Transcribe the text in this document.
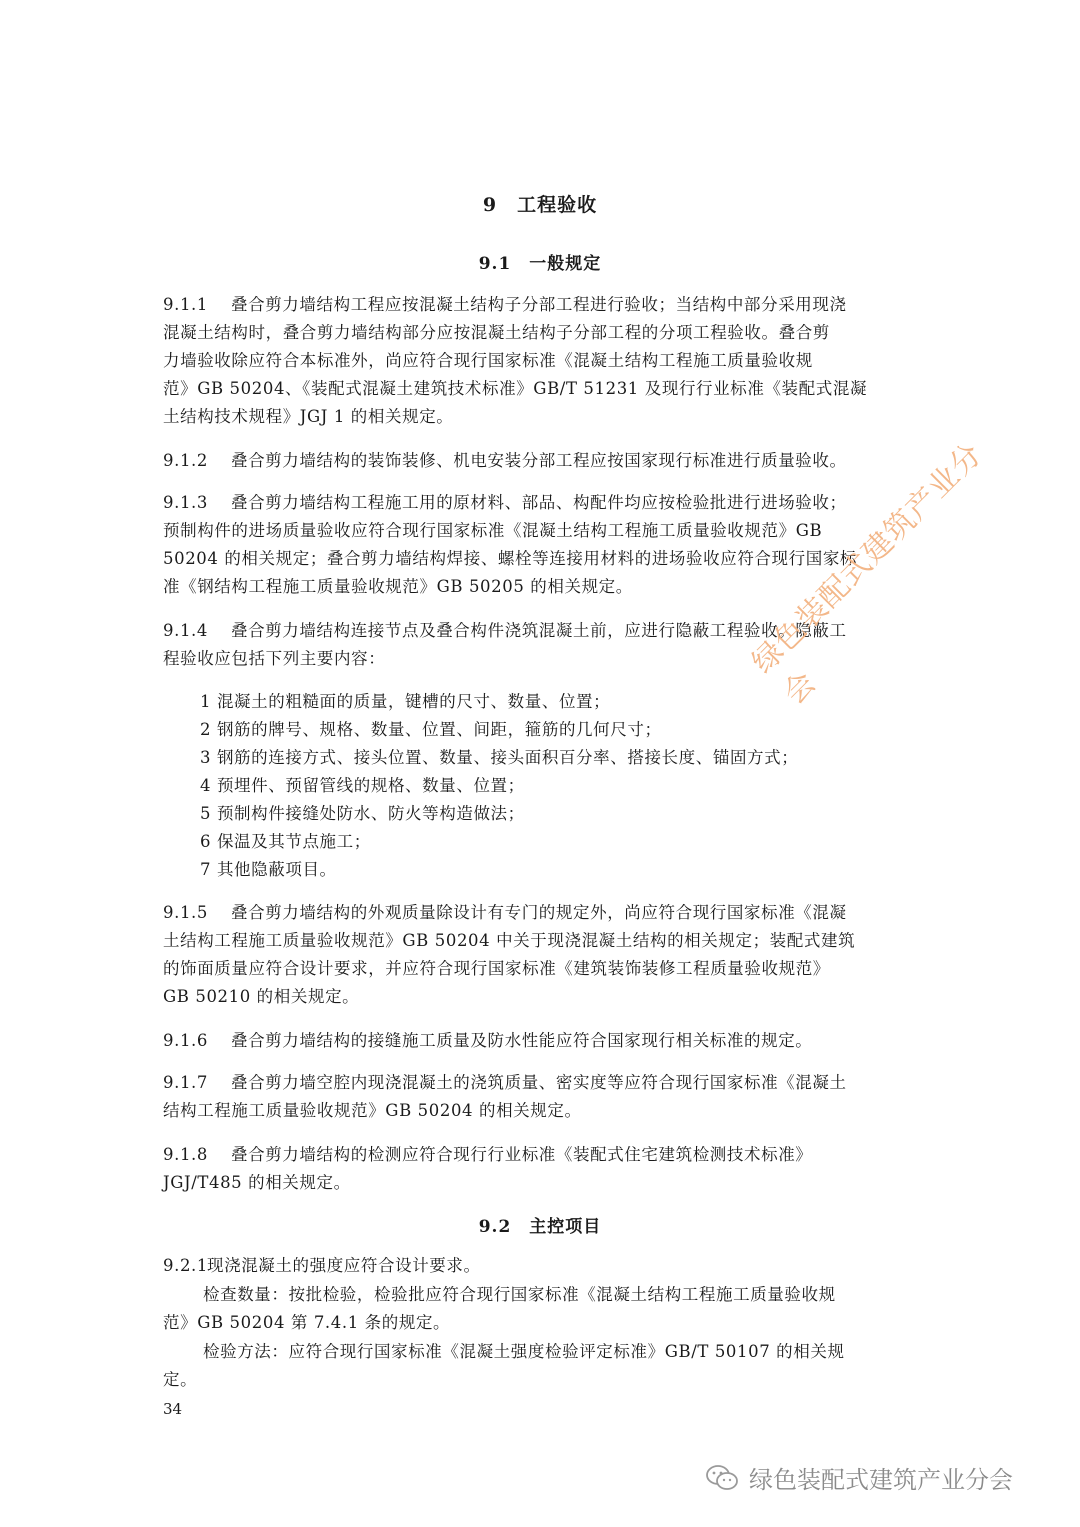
9　工程验收
9.1　一般规定
9.1.1 叠合剪力墙结构工程应按混凝土结构子分部工程进行验收；当结构中部分采用现浇
混凝土结构时，叠合剪力墙结构部分应按混凝土结构子分部工程的分项工程验收。叠合剪
力墙验收除应符合本标准外，尚应符合现行国家标准《混凝土结构工程施工质量验收规
范》GB 50204、《装配式混凝土建筑技术标准》GB/T 51231 及现行行业标准《装配式混凝
土结构技术规程》JGJ 1 的相关规定。
9.1.2 叠合剪力墙结构的装饰装修、机电安装分部工程应按国家现行标准进行质量验收。
9.1.3 叠合剪力墙结构工程施工用的原材料、部品、构配件均应按检验批进行进场验收；
预制构件的进场质量验收应符合现行国家标准《混凝土结构工程施工质量验收规范》GB
50204 的相关规定；叠合剪力墙结构焊接、螺栓等连接用材料的进场验收应符合现行国家标
准《钢结构工程施工质量验收规范》GB 50205 的相关规定。
9.1.4 叠合剪力墙结构连接节点及叠合构件浇筑混凝土前，应进行隐蔽工程验收。隐蔽工
程验收应包括下列主要内容：
1 混凝土的粗糙面的质量，键槽的尺寸、数量、位置；
2 钢筋的牌号、规格、数量、位置、间距，箍筋的几何尺寸；
3 钢筋的连接方式、接头位置、数量、接头面积百分率、搭接长度、锚固方式；
4 预埋件、预留管线的规格、数量、位置；
5 预制构件接缝处防水、防火等构造做法；
6 保温及其节点施工；
7 其他隐蔽项目。
9.1.5 叠合剪力墙结构的外观质量除设计有专门的规定外，尚应符合现行国家标准《混凝
土结构工程施工质量验收规范》GB 50204 中关于现浇混凝土结构的相关规定；装配式建筑
的饰面质量应符合设计要求，并应符合现行国家标准《建筑装饰装修工程质量验收规范》
GB 50210 的相关规定。
9.1.6 叠合剪力墙结构的接缝施工质量及防水性能应符合国家现行相关标准的规定。
9.1.7 叠合剪力墙空腔内现浇混凝土的浇筑质量、密实度等应符合现行国家标准《混凝土
结构工程施工质量验收规范》GB 50204 的相关规定。
9.1.8 叠合剪力墙结构的检测应符合现行行业标准《装配式住宅建筑检测技术标准》
JGJ/T485 的相关规定。
9.2　主控项目
9.2.1现浇混凝土的强度应符合设计要求。
检查数量：按批检验，检验批应符合现行国家标准《混凝土结构工程施工质量验收规
范》GB 50204 第 7.4.1 条的规定。
检验方法：应符合现行国家标准《混凝土强度检验评定标准》GB/T 50107 的相关规
定。
34
绿色装配式建筑产业分会
绿色装配式建筑产业分会
